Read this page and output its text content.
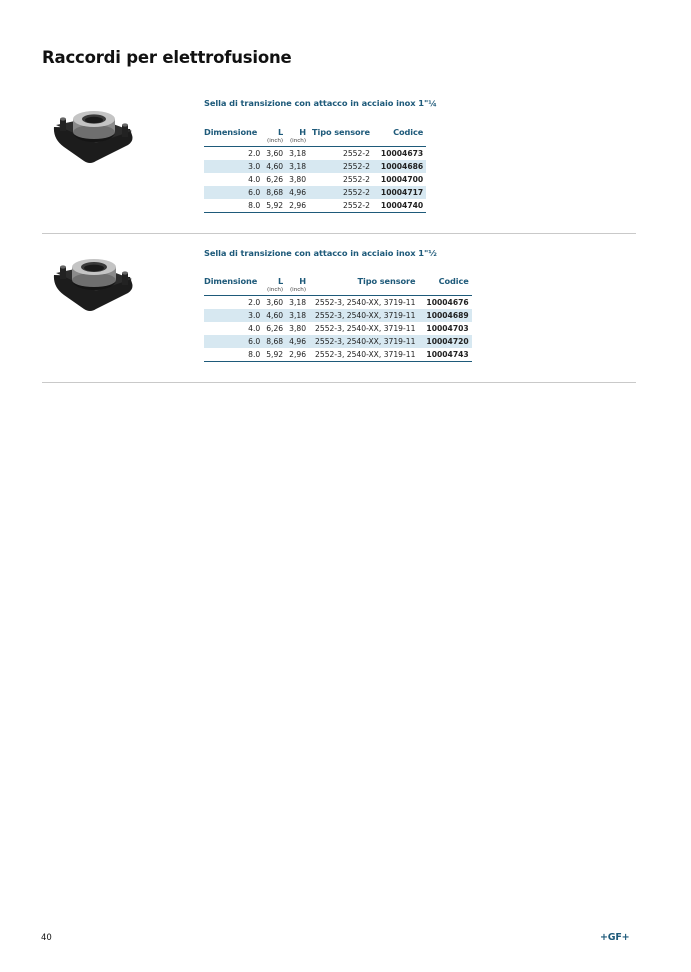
Raccordi per elettrofusione
Sella di transizione con attacco in acciaio inox 1"¼
Dimensione	L	H	Tipo sensore	Codice
	(inch)	(inch)		
2.0	3,60	3,18	2552-2	10004673
3.0	4,60	3,18	2552-2	10004686
4.0	6,26	3,80	2552-2	10004700
6.0	8,68	4,96	2552-2	10004717
8.0	5,92	2,96	2552-2	10004740
Sella di transizione con attacco in acciaio inox 1"½
Dimensione	L	H	Tipo sensore	Codice
	(inch)	(inch)		
2.0	3,60	3,18	2552-3, 2540-XX, 3719-11	10004676
3.0	4,60	3,18	2552-3, 2540-XX, 3719-11	10004689
4.0	6,26	3,80	2552-3, 2540-XX, 3719-11	10004703
6.0	8,68	4,96	2552-3, 2540-XX, 3719-11	10004720
8.0	5,92	2,96	2552-3, 2540-XX, 3719-11	10004743
40	+GF+
